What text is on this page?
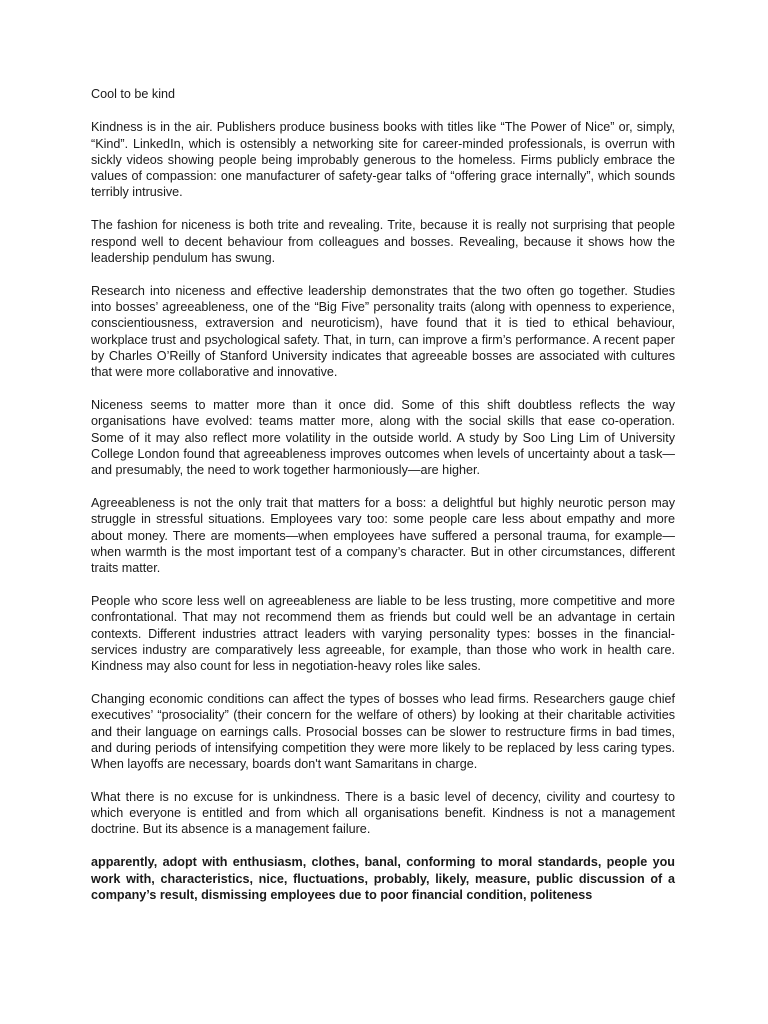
Cool to be kind

Kindness is in the air. Publishers produce business books with titles like “The Power of Nice” or, simply, “Kind”. LinkedIn, which is ostensibly a networking site for career-minded professionals, is overrun with sickly videos showing people being improbably generous to the homeless. Firms publicly embrace the values of compassion: one manufacturer of safety-gear talks of “offering grace internally”, which sounds terribly intrusive.

The fashion for niceness is both trite and revealing. Trite, because it is really not surprising that people respond well to decent behaviour from colleagues and bosses. Revealing, because it shows how the leadership pendulum has swung.

Research into niceness and effective leadership demonstrates that the two often go together. Studies into bosses’ agreeableness, one of the “Big Five” personality traits (along with openness to experience, conscientiousness, extraversion and neuroticism), have found that it is tied to ethical behaviour, workplace trust and psychological safety. That, in turn, can improve a firm’s performance. A recent paper by Charles O’Reilly of Stanford University indicates that agreeable bosses are associated with cultures that were more collaborative and innovative.

Niceness seems to matter more than it once did. Some of this shift doubtless reflects the way organisations have evolved: teams matter more, along with the social skills that ease co-operation. Some of it may also reflect more volatility in the outside world. A study by Soo Ling Lim of University College London found that agreeableness improves outcomes when levels of uncertainty about a task—and presumably, the need to work together harmoniously—are higher.

Agreeableness is not the only trait that matters for a boss: a delightful but highly neurotic person may struggle in stressful situations. Employees vary too: some people care less about empathy and more about money. There are moments—when employees have suffered a personal trauma, for example—when warmth is the most important test of a company’s character. But in other circumstances, different traits matter.

People who score less well on agreeableness are liable to be less trusting, more competitive and more confrontational. That may not recommend them as friends but could well be an advantage in certain contexts. Different industries attract leaders with varying personality types: bosses in the financial-services industry are comparatively less agreeable, for example, than those who work in health care. Kindness may also count for less in negotiation-heavy roles like sales.

Changing economic conditions can affect the types of bosses who lead firms. Researchers gauge chief executives’ “prosociality” (their concern for the welfare of others) by looking at their charitable activities and their language on earnings calls. Prosocial bosses can be slower to restructure firms in bad times, and during periods of intensifying competition they were more likely to be replaced by less caring types. When layoffs are necessary, boards don't want Samaritans in charge.

What there is no excuse for is unkindness. There is a basic level of decency, civility and courtesy to which everyone is entitled and from which all organisations benefit. Kindness is not a management doctrine. But its absence is a management failure.

apparently, adopt with enthusiasm, clothes, banal, conforming to moral standards, people you work with, characteristics, nice, fluctuations, probably, likely, measure, public discussion of a company’s result, dismissing employees due to poor financial condition, politeness
